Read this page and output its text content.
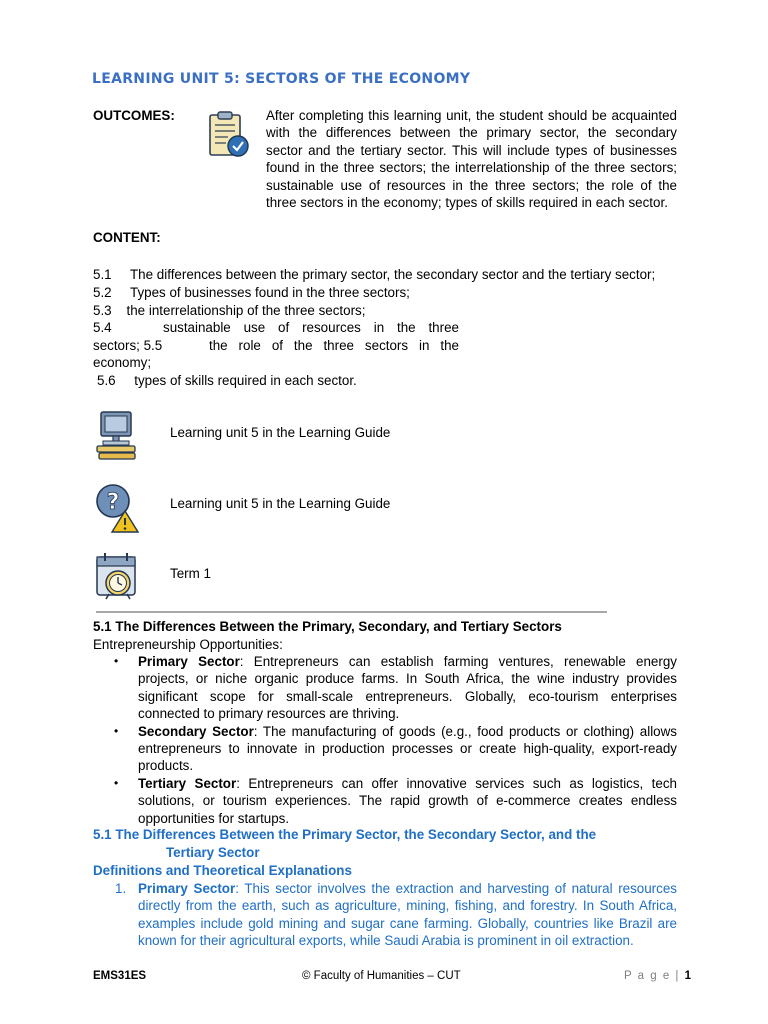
LEARNING UNIT 5: SECTORS OF THE ECONOMY
OUTCOMES:	After completing this learning unit, the student should be acquainted with the differences between the primary sector, the secondary sector and the tertiary sector. This will include types of businesses found in the three sectors; the interrelationship of the three sectors; sustainable use of resources in the three sectors; the role of the three sectors in the economy; types of skills required in each sector.
CONTENT:
5.1 The differences between the primary sector, the secondary sector and the tertiary sector;
5.2 Types of businesses found in the three sectors;
5.3 the interrelationship of the three sectors;
5.4	sustainable use of resources in the three
sectors; 5.5	the role of the three sectors in the
economy;
5.6 types of skills required in each sector.
Learning unit 5 in the Learning Guide
?	Learning unit 5 in the Learning Guide
Term 1
5.1 The Differences Between the Primary, Secondary, and Tertiary Sectors
Entrepreneurship Opportunities:
• Primary Sector: Entrepreneurs can establish farming ventures, renewable energy projects, or niche organic produce farms. In South Africa, the wine industry provides significant scope for small-scale entrepreneurs. Globally, eco-tourism enterprises connected to primary resources are thriving.
• Secondary Sector: The manufacturing of goods (e.g., food products or clothing) allows entrepreneurs to innovate in production processes or create high-quality, export-ready products.
• Tertiary Sector: Entrepreneurs can offer innovative services such as logistics, tech solutions, or tourism experiences. The rapid growth of e-commerce creates endless opportunities for startups.
5.1 The Differences Between the Primary Sector, the Secondary Sector, and the
Tertiary Sector
Definitions and Theoretical Explanations
1. Primary Sector: This sector involves the extraction and harvesting of natural resources directly from the earth, such as agriculture, mining, fishing, and forestry. In South Africa, examples include gold mining and sugar cane farming. Globally, countries like Brazil are known for their agricultural exports, while Saudi Arabia is prominent in oil extraction.
EMS31ES	© Faculty of Humanities – CUT	P a g e | 1
